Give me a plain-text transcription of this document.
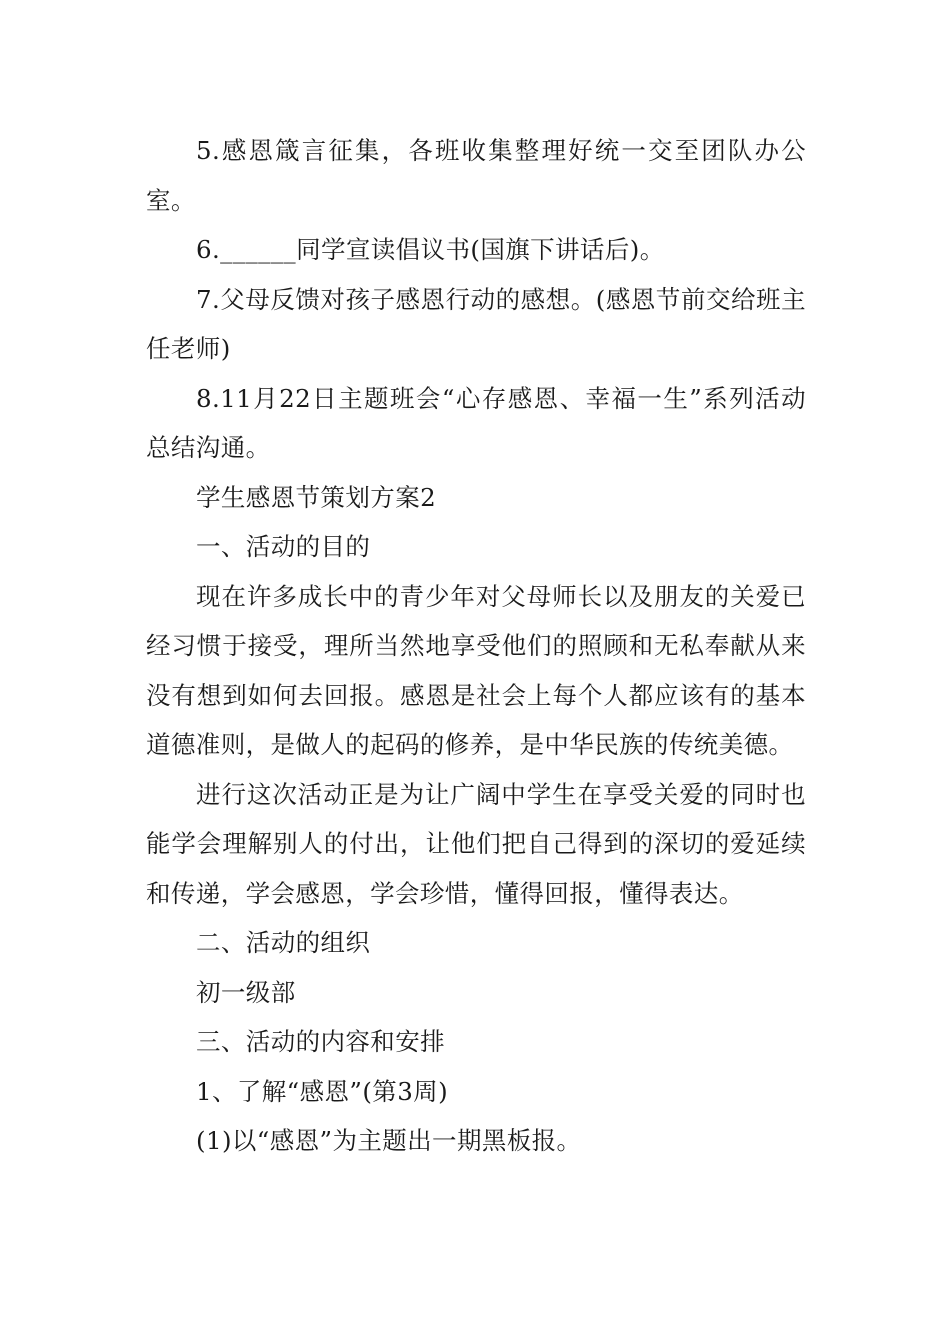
5.感恩箴言征集，各班收集整理好统一交至团队办公室。

6.______同学宣读倡议书(国旗下讲话后)。

7.父母反馈对孩子感恩行动的感想。(感恩节前交给班主任老师)

8.11月22日主题班会“心存感恩、幸福一生”系列活动总结沟通。

学生感恩节策划方案2

一、活动的目的

现在许多成长中的青少年对父母师长以及朋友的关爱已经习惯于接受，理所当然地享受他们的照顾和无私奉献从来没有想到如何去回报。感恩是社会上每个人都应该有的基本道德准则，是做人的起码的修养，是中华民族的传统美德。

进行这次活动正是为让广阔中学生在享受关爱的同时也能学会理解别人的付出，让他们把自己得到的深切的爱延续和传递，学会感恩，学会珍惜，懂得回报，懂得表达。

二、活动的组织

初一级部

三、活动的内容和安排

1、了解“感恩”(第3周)

(1)以“感恩”为主题出一期黑板报。
